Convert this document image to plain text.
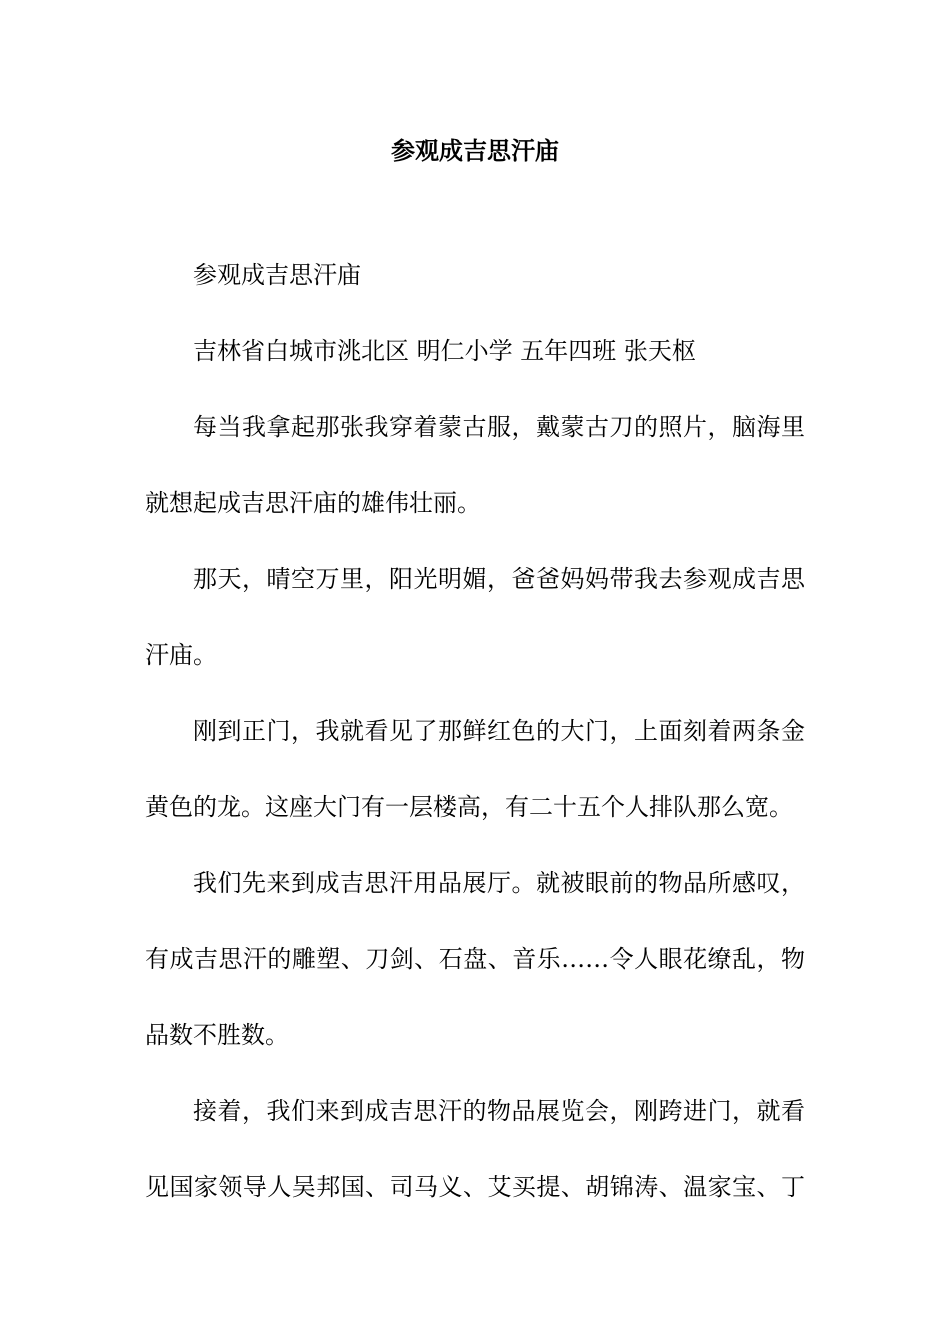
参观成吉思汗庙

参观成吉思汗庙

吉林省白城市洮北区 明仁小学 五年四班 张天枢

每当我拿起那张我穿着蒙古服，戴蒙古刀的照片，脑海里

就想起成吉思汗庙的雄伟壮丽。

那天，晴空万里，阳光明媚，爸爸妈妈带我去参观成吉思

汗庙。

刚到正门，我就看见了那鲜红色的大门，上面刻着两条金

黄色的龙。这座大门有一层楼高，有二十五个人排队那么宽。

我们先来到成吉思汗用品展厅。就被眼前的物品所感叹，

有成吉思汗的雕塑、刀剑、石盘、音乐……令人眼花缭乱，物

品数不胜数。

接着，我们来到成吉思汗的物品展览会，刚跨进门，就看

见国家领导人吴邦国、司马义、艾买提、胡锦涛、温家宝、丁
